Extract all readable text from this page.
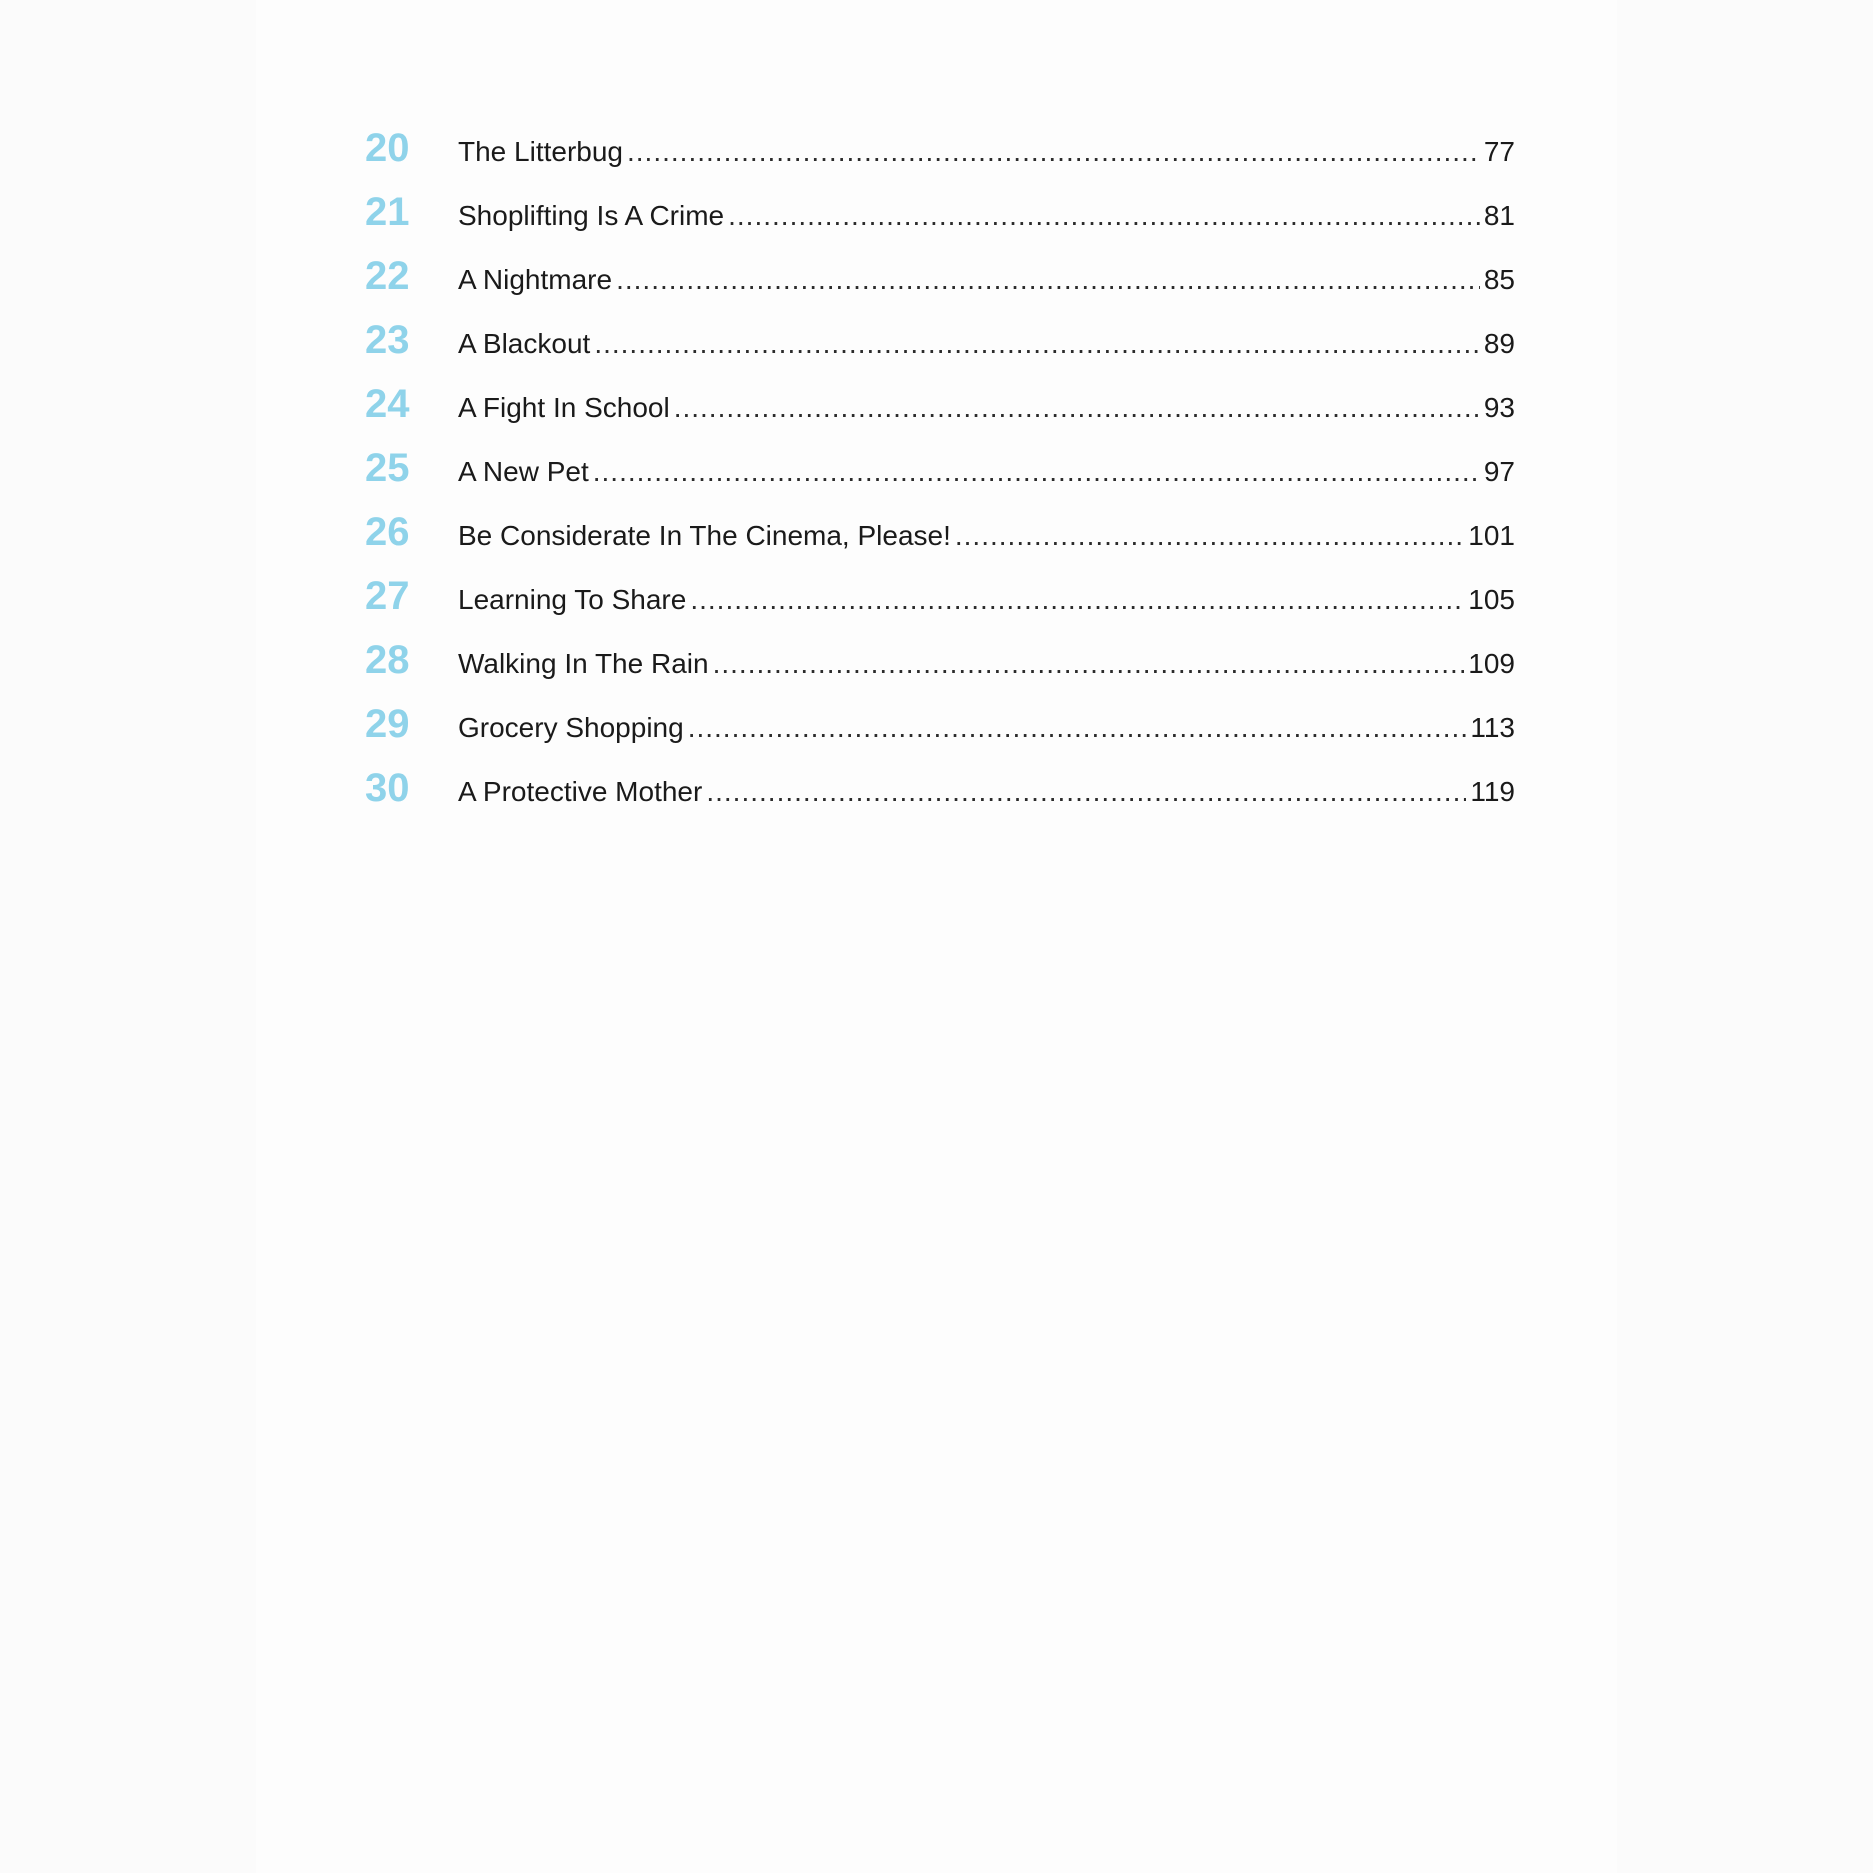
20	The Litterbug .....	77
21	Shoplifting Is A Crime .....	81
22	A Nightmare .....	85
23	A Blackout .....	89
24	A Fight In School .....	93
25	A New Pet .....	97
26	Be Considerate In The Cinema, Please! .....	101
27	Learning To Share .....	105
28	Walking In The Rain .....	109
29	Grocery Shopping .....	113
30	A Protective Mother .....	119
